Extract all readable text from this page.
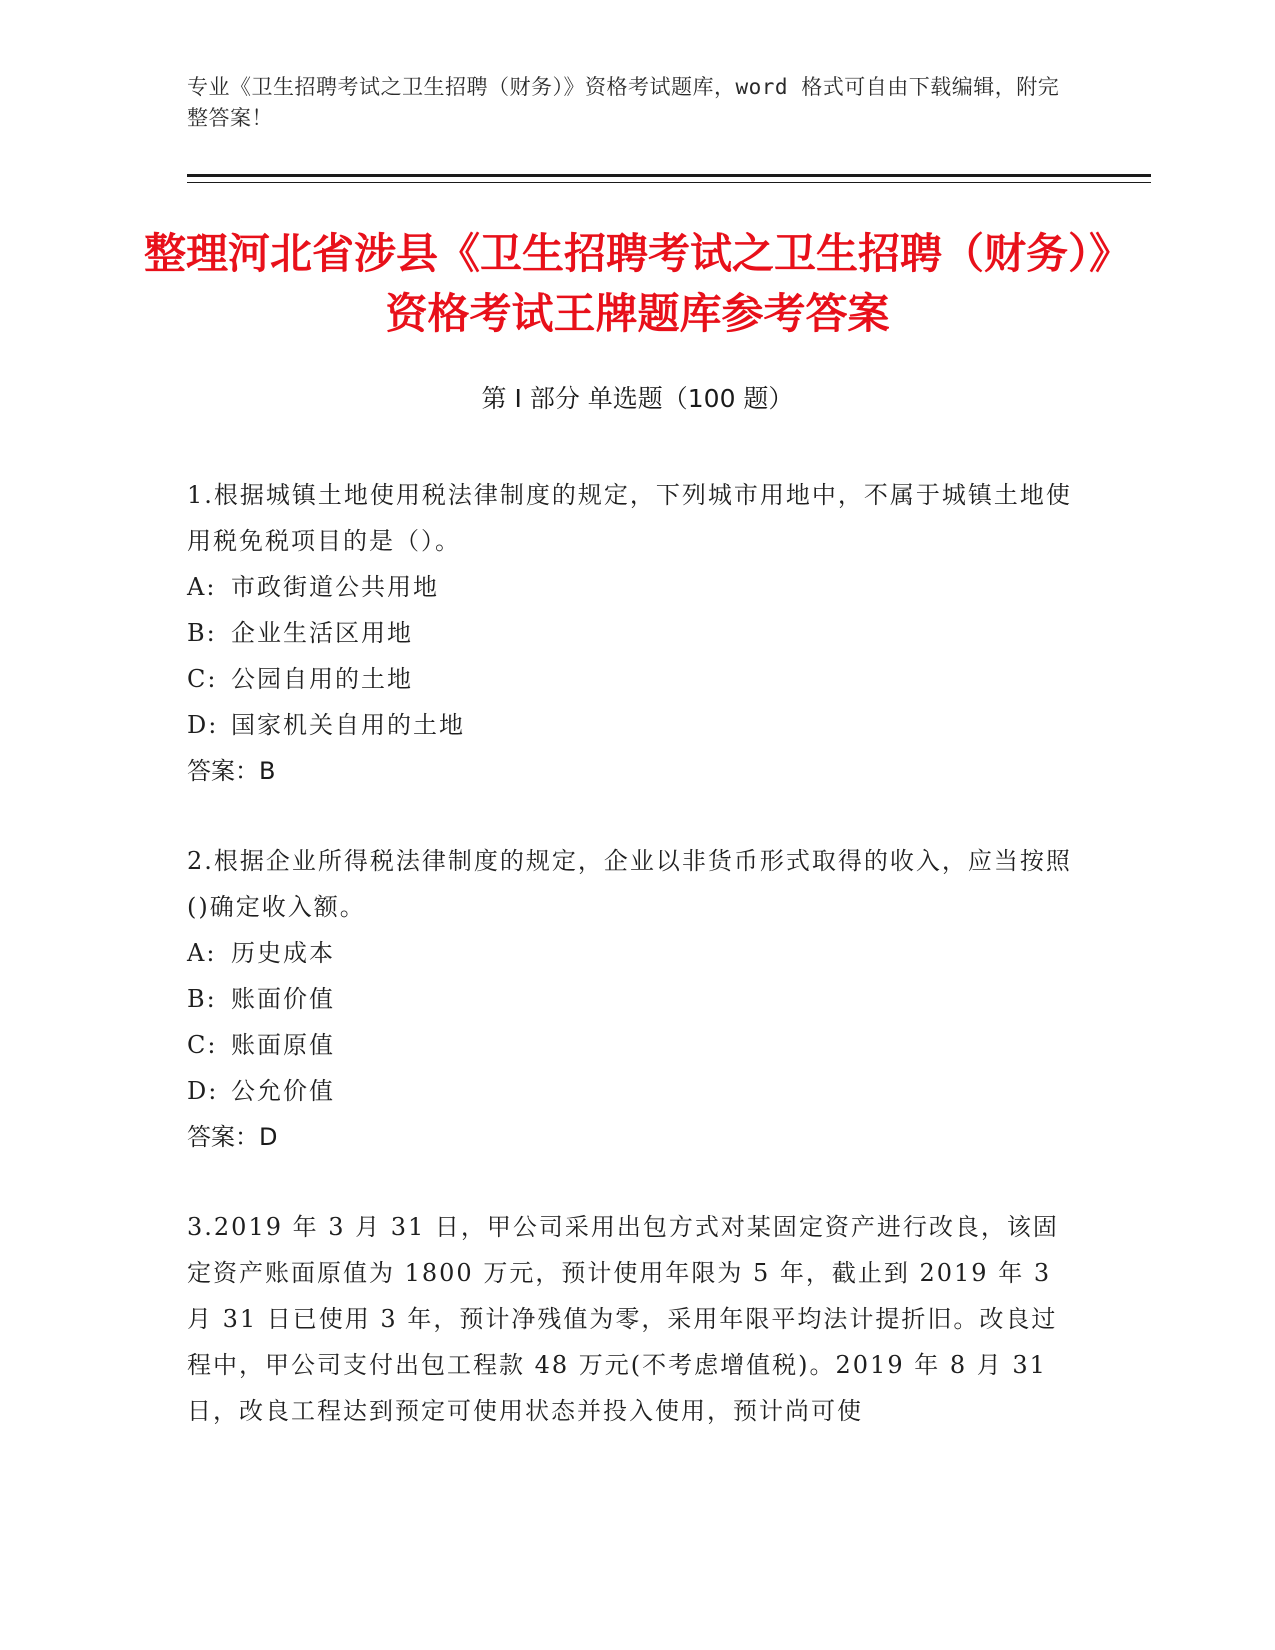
专业《卫生招聘考试之卫生招聘（财务）》资格考试题库，word 格式可自由下载编辑，附完整答案！
整理河北省涉县《卫生招聘考试之卫生招聘（财务）》资格考试王牌题库参考答案
第 I 部分 单选题（100 题）

1.根据城镇土地使用税法律制度的规定，下列城市用地中，不属于城镇土地使用税免税项目的是（）。

A: 市政街道公共用地

B: 企业生活区用地

C: 公园自用的土地

D: 国家机关自用的土地

答案：B

2.根据企业所得税法律制度的规定，企业以非货币形式取得的收入，应当按照()确定收入额。

A: 历史成本

B: 账面价值

C: 账面原值

D: 公允价值

答案：D

3.2019 年 3 月 31 日，甲公司采用出包方式对某固定资产进行改良，该固定资产账面原值为 1800 万元，预计使用年限为 5 年，截止到 2019 年 3 月 31 日已使用 3 年，预计净残值为零，采用年限平均法计提折旧。改良过程中，甲公司支付出包工程款 48 万元(不考虑增值税)。2019 年 8 月 31 日，改良工程达到预定可使用状态并投入使用，预计尚可使
